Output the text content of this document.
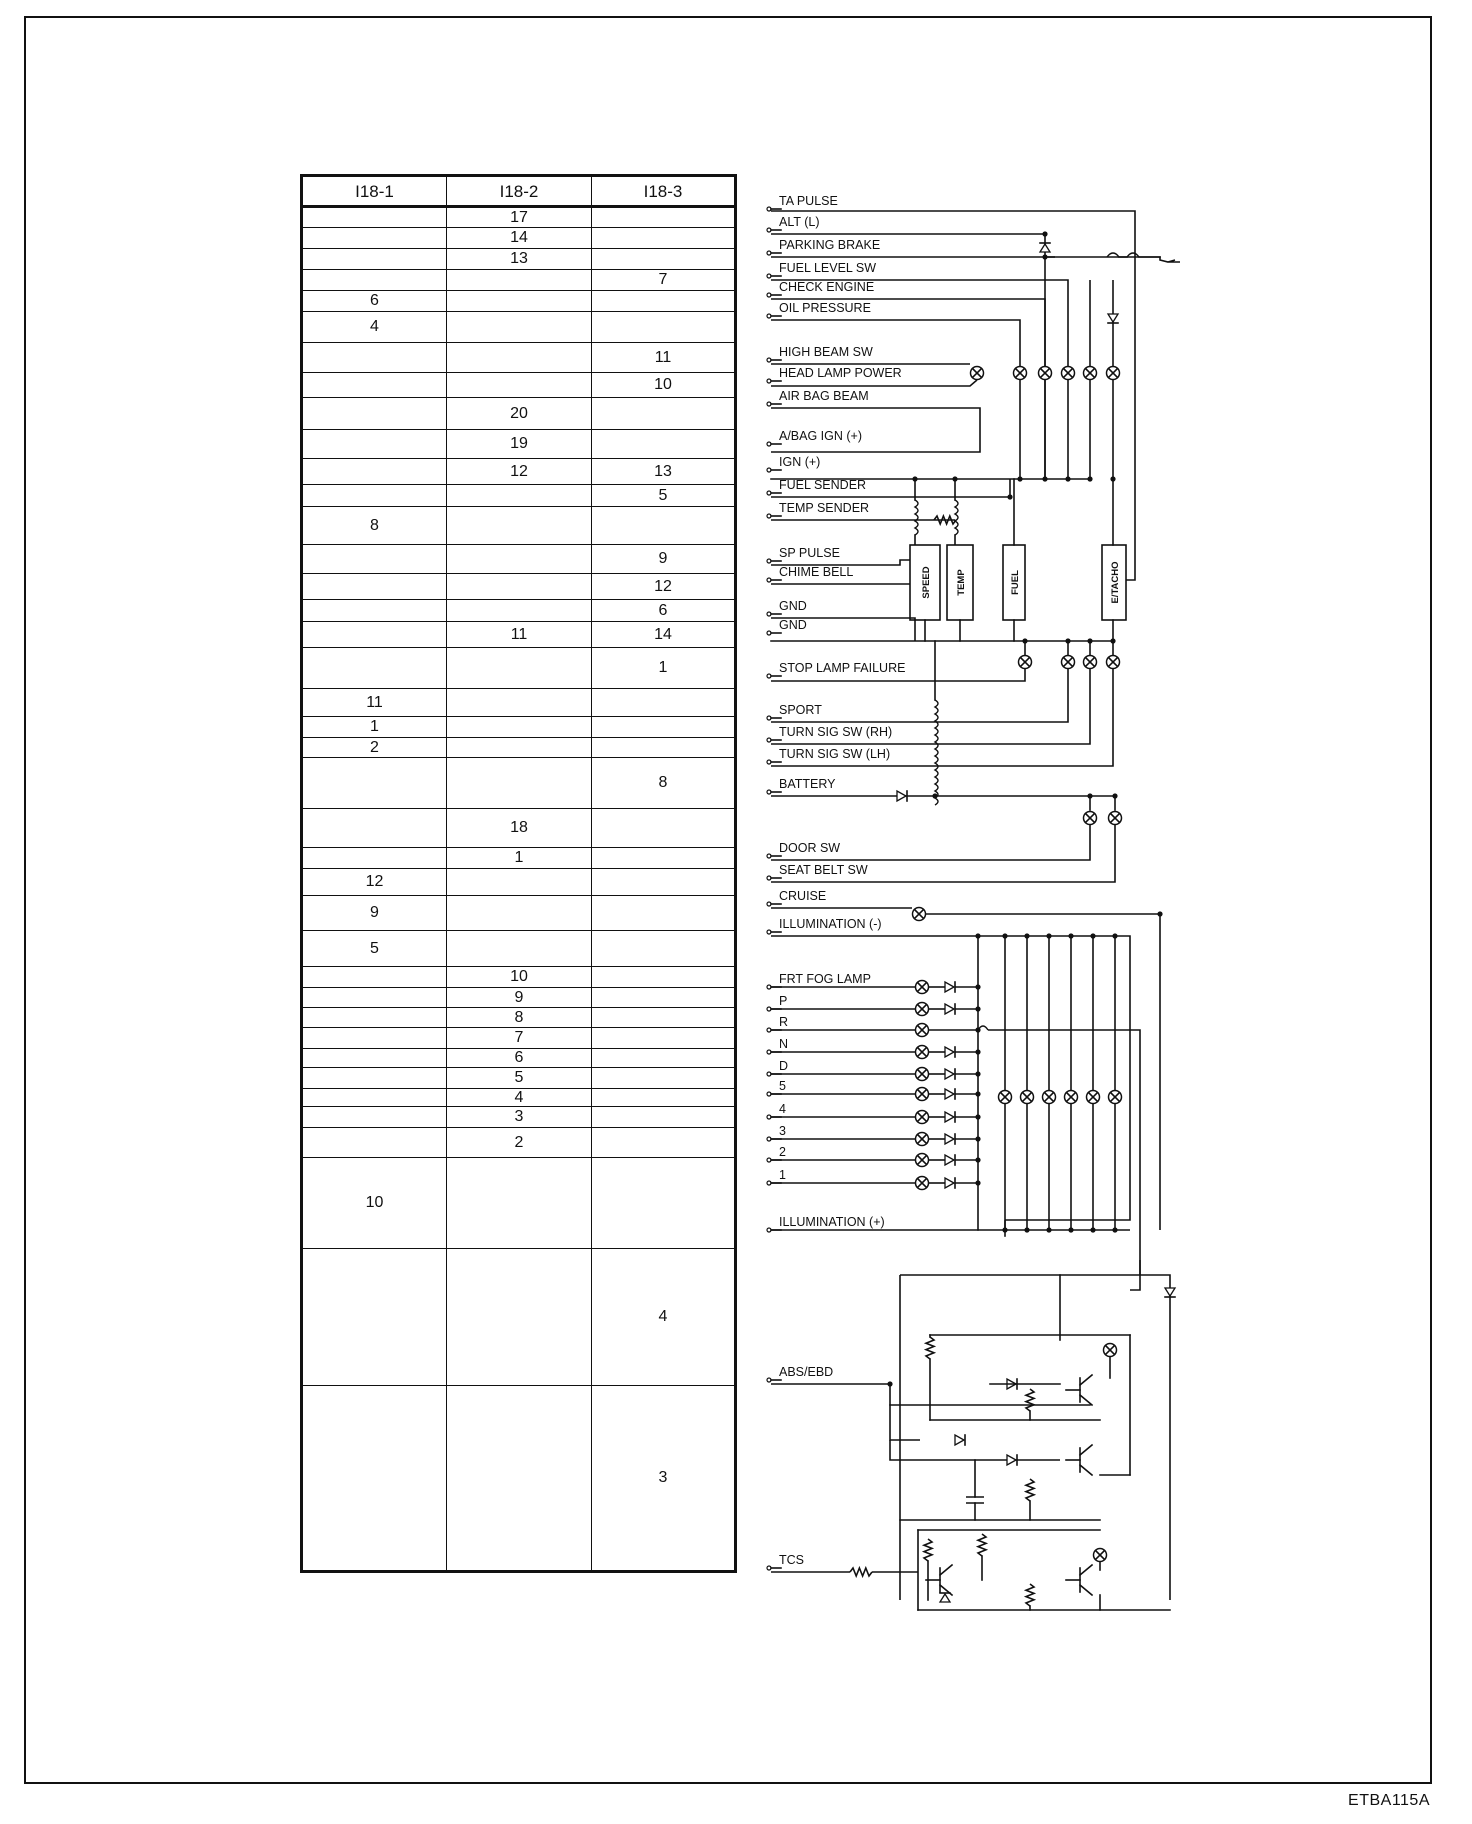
I18-1	I18-2	I18-3
	17	
	14	
	13	
		7
6		
4		
		11
		10
	20	
	19	
	12	13
		5
8		
		9
		12
		6
	11	14
		1
11		
1		
2		
		8
	18	
	1	
12		
9		
5		
	10	
	9	
	8	
	7	
	6	
	5	
	4	
	3	
	2	
10		
		4
		3
TA PULSE
ALT (L)
PARKING BRAKE
FUEL LEVEL SW
CHECK ENGINE
OIL PRESSURE
HIGH BEAM SW
HEAD LAMP POWER
AIR BAG BEAM
A/BAG IGN (+)
IGN (+)
FUEL SENDER
TEMP SENDER
SP PULSE
CHIME BELL
GND
GND
STOP LAMP FAILURE
SPORT
TURN SIG SW (RH)
TURN SIG SW (LH)
BATTERY
DOOR SW
SEAT BELT SW
CRUISE
ILLUMINATION (-)
FRT FOG LAMP
P
R
N
D
5
4
3
2
1
ILLUMINATION (+)
ABS/EBD
TCS
SPEED	TEMP	FUEL	E/TACHO
ETBA115A
